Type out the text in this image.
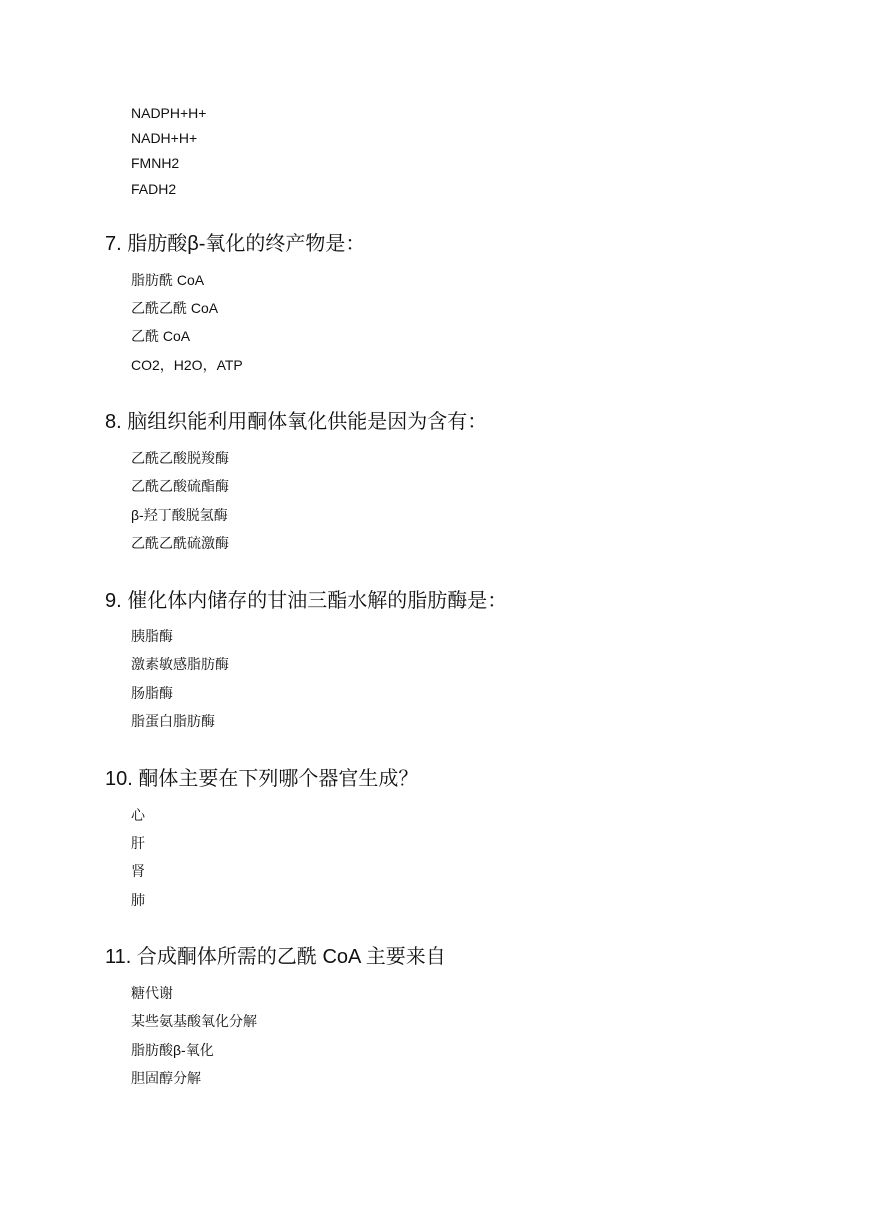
NADPH+H+
NADH+H+
FMNH2
FADH2
7. 脂肪酸β-氧化的终产物是：
脂肪酰 CoA
乙酰乙酰 CoA
乙酰 CoA
CO2，H2O，ATP
8. 脑组织能利用酮体氧化供能是因为含有：
乙酰乙酸脱羧酶
乙酰乙酸硫酯酶
β-羟丁酸脱氢酶
乙酰乙酰硫激酶
9. 催化体内储存的甘油三酯水解的脂肪酶是：
胰脂酶
激素敏感脂肪酶
肠脂酶
脂蛋白脂肪酶
10. 酮体主要在下列哪个器官生成？
心
肝
肾
肺
11. 合成酮体所需的乙酰 CoA 主要来自
糖代谢
某些氨基酸氧化分解
脂肪酸β-氧化
胆固醇分解
